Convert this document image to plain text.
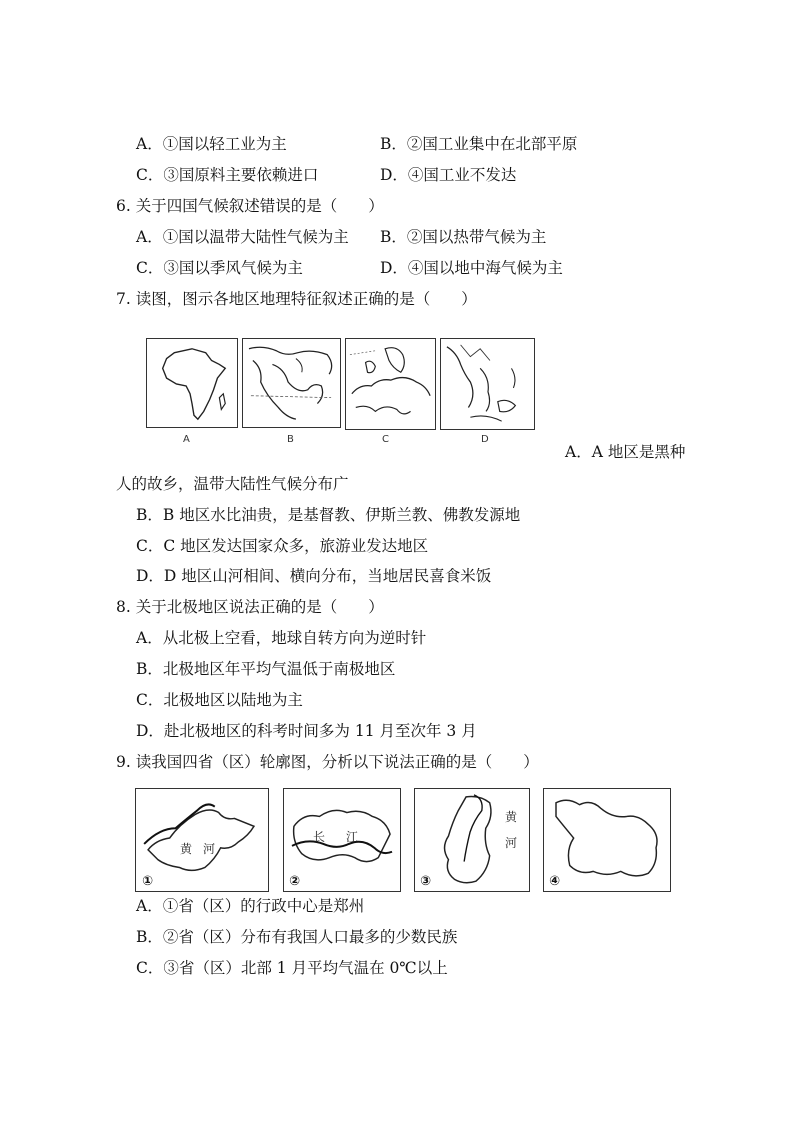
A．①国以轻工业为主	B．②国工业集中在北部平原
C．③国原料主要依赖进口	D．④国工业不发达
6. 关于四国气候叙述错误的是（　　）
A．①国以温带大陆性气候为主 B．②国以热带气候为主
C．③国以季风气候为主	D．④国以地中海气候为主
7. 读图，图示各地区地理特征叙述正确的是（　　）
A	B	C	D
A．A 地区是黑种
人的故乡，温带大陆性气候分布广
B．B 地区水比油贵，是基督教、伊斯兰教、佛教发源地
C．C 地区发达国家众多，旅游业发达地区
D．D 地区山河相间、横向分布，当地居民喜食米饭
8. 关于北极地区说法正确的是（　　）
A．从北极上空看，地球自转方向为逆时针
B．北极地区年平均气温低于南极地区
C．北极地区以陆地为主
D．赴北极地区的科考时间多为 11 月至次年 3 月
9. 读我国四省（区）轮廓图，分析以下说法正确的是（　　）
①	②	③	④
黄 河
长 江
黄
河
A．①省（区）的行政中心是郑州
B．②省（区）分布有我国人口最多的少数民族
C．③省（区）北部 1 月平均气温在 0℃以上
